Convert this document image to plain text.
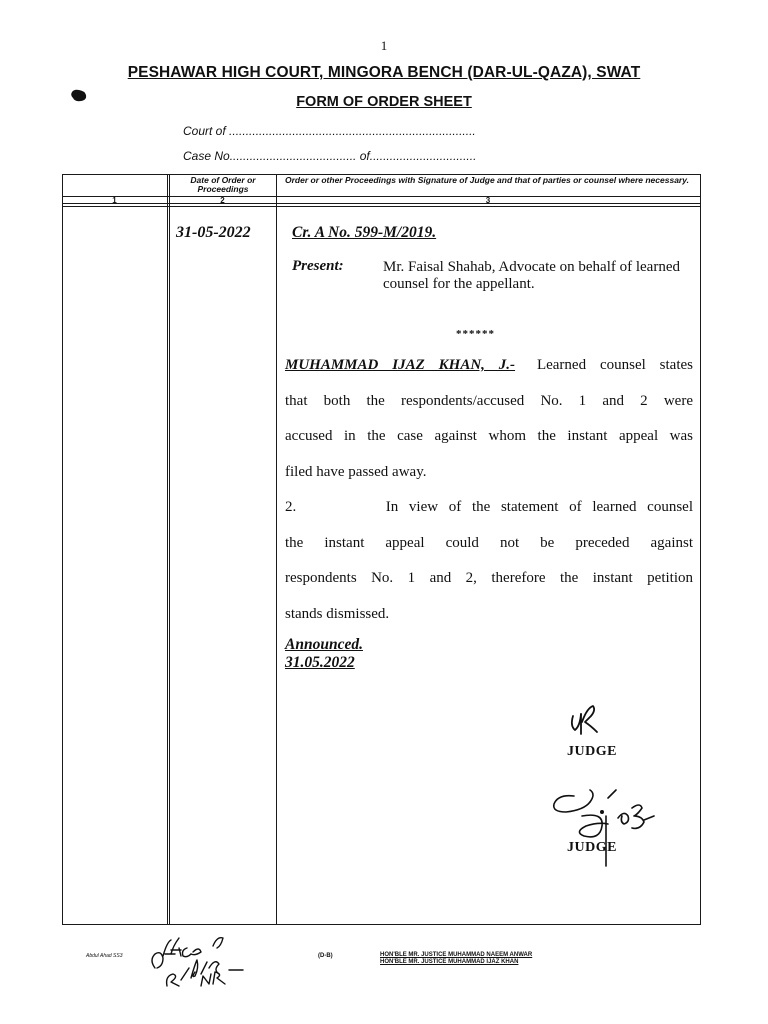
1
PESHAWAR HIGH COURT, MINGORA BENCH (DAR-UL-QAZA), SWAT
FORM OF ORDER SHEET
Court of ..........................................................................
Case No...................................... of................................
Date of Order or Proceedings
Order or other Proceedings with Signature of Judge and that of parties or counsel where necessary.
1	2	3
31-05-2022	Cr. A No. 599-M/2019.
Present:	Mr. Faisal Shahab, Advocate on behalf of learned counsel for the appellant.
******
MUHAMMAD IJAZ KHAN, J.- Learned counsel states
that both the respondents/accused No. 1 and 2 were
accused in the case against whom the instant appeal was
filed have passed away.
2.	In view of the statement of learned counsel
the instant appeal could not be preceded against
respondents No. 1 and 2, therefore the instant petition
stands dismissed.
Announced.
31.05.2022
JUDGE
JUDGE
Abdul Ahad SS3	(D-B)	HON'BLE MR. JUSTICE MUHAMMAD NAEEM ANWAR
HON'BLE MR. JUSTICE MUHAMMAD IJAZ KHAN
